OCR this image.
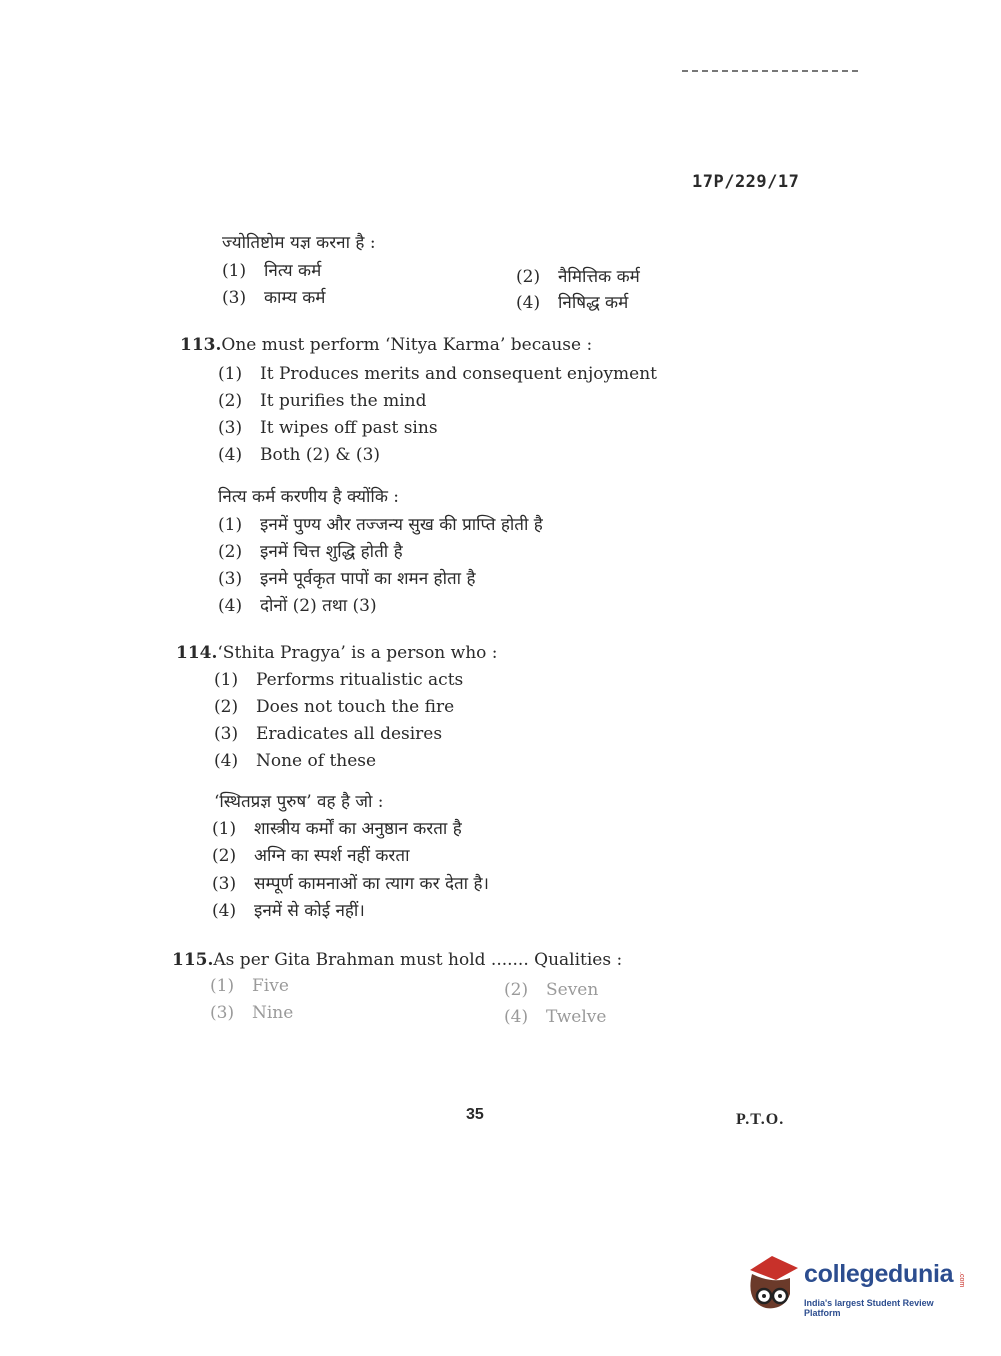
17P/229/17
ज्योतिष्टोम यज्ञ करना है :
(1) नित्य कर्म	(2) नैमित्तिक कर्म
(3) काम्य कर्म	(4) निषिद्ध कर्म
113.One must perform ‘Nitya Karma’ because :
(1) It Produces merits and consequent enjoyment
(2) It purifies the mind
(3) It wipes off past sins
(4) Both (2) & (3)
नित्य कर्म करणीय है क्योंकि :
(1) इनमें पुण्य और तज्जन्य सुख की प्राप्ति होती है
(2) इनमें चित्त शुद्धि होती है
(3) इनमे पूर्वकृत पापों का शमन होता है
(4) दोनों (2) तथा (3)
114.‘Sthita Pragya’ is a person who :
(1) Performs ritualistic acts
(2) Does not touch the fire
(3) Eradicates all desires
(4) None of these
‘स्थितप्रज्ञ पुरुष’ वह है जो :
(1) शास्त्रीय कर्मों का अनुष्ठान करता है
(2) अग्नि का स्पर्श नहीं करता
(3) सम्पूर्ण कामनाओं का त्याग कर देता है।
(4) इनमें से कोई नहीं।
115.As per Gita Brahman must hold ....... Qualities :
(1) Five	(2) Seven
(3) Nine	(4) Twelve
35	P.T.O.
collegedunia .com
India's largest Student Review Platform
